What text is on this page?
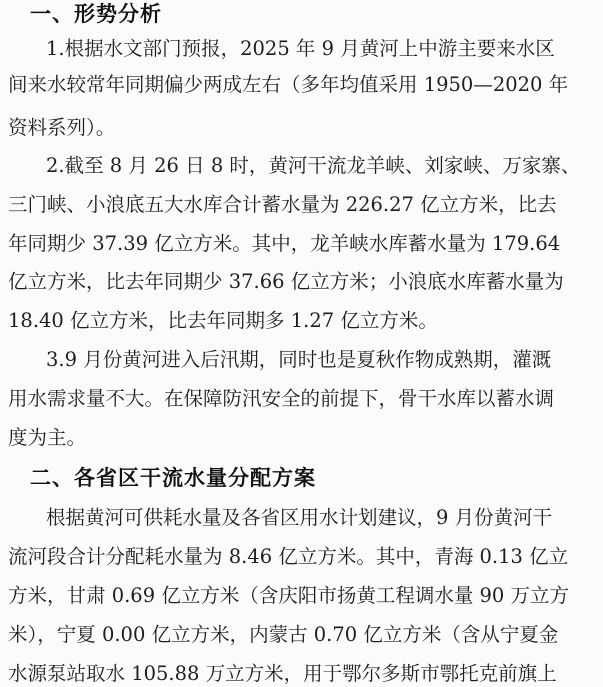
一、形势分析

1.根据水文部门预报，2025 年 9 月黄河上中游主要来水区

间来水较常年同期偏少两成左右（多年均值采用 1950—2020 年

资料系列）。

2.截至 8 月 26 日 8 时，黄河干流龙羊峡、刘家峡、万家寨、

三门峡、小浪底五大水库合计蓄水量为 226.27 亿立方米，比去

年同期少 37.39 亿立方米。其中，龙羊峡水库蓄水量为 179.64

亿立方米，比去年同期少 37.66 亿立方米；小浪底水库蓄水量为

18.40 亿立方米，比去年同期多 1.27 亿立方米。

3.9 月份黄河进入后汛期，同时也是夏秋作物成熟期，灌溉

用水需求量不大。在保障防汛安全的前提下，骨干水库以蓄水调

度为主。

二、各省区干流水量分配方案

根据黄河可供耗水量及各省区用水计划建议，9 月份黄河干

流河段合计分配耗水量为 8.46 亿立方米。其中，青海 0.13 亿立

方米，甘肃 0.69 亿立方米（含庆阳市扬黄工程调水量 90 万立方

米），宁夏 0.00 亿立方米，内蒙古 0.70 亿立方米（含从宁夏金

水源泵站取水 105.88 万立方米，用于鄂尔多斯市鄂托克前旗上
